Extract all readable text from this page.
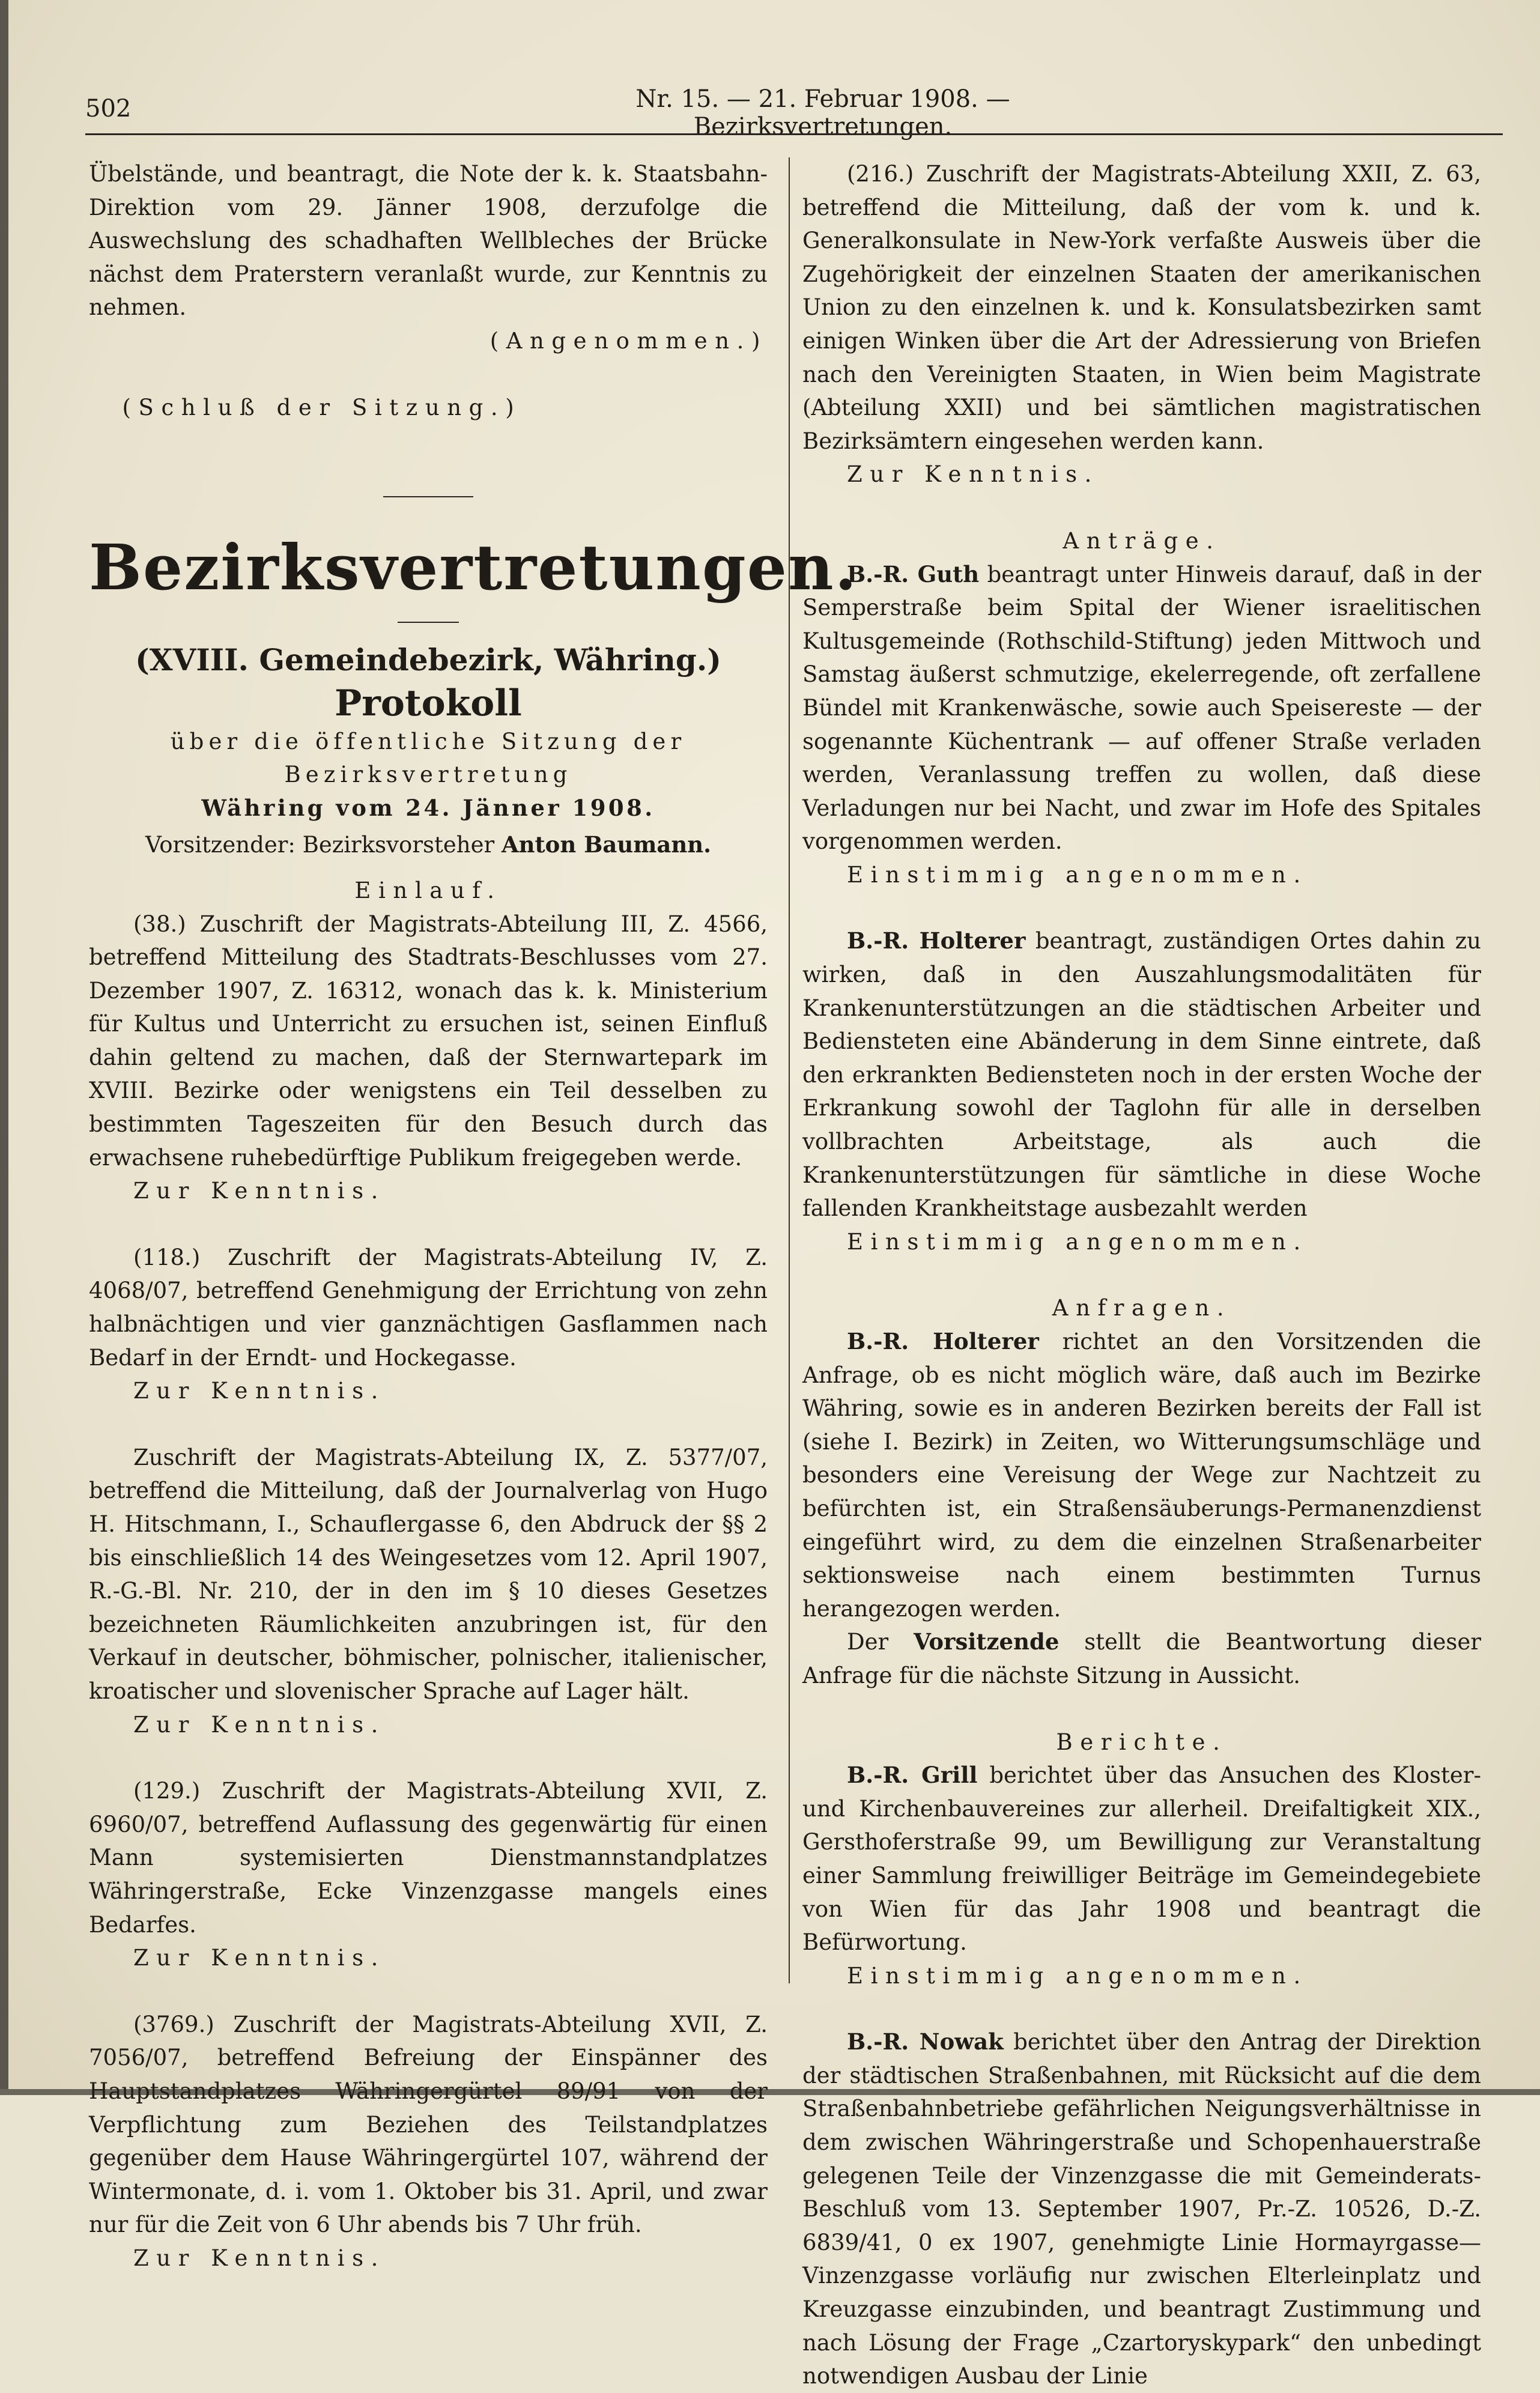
502	Nr. 15. — 21. Februar 1908. — Bezirksvertretungen.

Übelstände, und beantragt, die Note der k. k. Staatsbahn-Direktion vom 29. Jänner 1908, derzufolge die Auswechslung des schadhaften Wellbleches der Brücke nächst dem Praterstern veranlaßt wurde, zur Kenntnis zu nehmen.
(Angenommen.)

(Schluß der Sitzung.)

Bezirksvertretungen.

(XVIII. Gemeindebezirk, Währing.)

Protokoll

über die öffentliche Sitzung der Bezirksvertretung

Währing vom 24. Jänner 1908.

Vorsitzender: Bezirksvorsteher Anton Baumann.

Einlauf.

(38.) Zuschrift der Magistrats-Abteilung III, Z. 4566, betreffend Mitteilung des Stadtrats-Beschlusses vom 27. Dezember 1907, Z. 16312, wonach das k. k. Ministerium für Kultus und Unterricht zu ersuchen ist, seinen Einfluß dahin geltend zu machen, daß der Sternwartepark im XVIII. Bezirke oder wenigstens ein Teil desselben zu bestimmten Tageszeiten für den Besuch durch das erwachsene ruhebedürftige Publikum freigegeben werde.

Zur Kenntnis.

(118.) Zuschrift der Magistrats-Abteilung IV, Z. 4068/07, betreffend Genehmigung der Errichtung von zehn halbnächtigen und vier ganznächtigen Gasflammen nach Bedarf in der Erndt- und Hockegasse.

Zur Kenntnis.

Zuschrift der Magistrats-Abteilung IX, Z. 5377/07, betreffend die Mitteilung, daß der Journalverlag von Hugo H. Hitschmann, I., Schauflergasse 6, den Abdruck der §§ 2 bis einschließlich 14 des Weingesetzes vom 12. April 1907, R.-G.-Bl. Nr. 210, der in den im § 10 dieses Gesetzes bezeichneten Räumlichkeiten anzubringen ist, für den Verkauf in deutscher, böhmischer, polnischer, italienischer, kroatischer und slovenischer Sprache auf Lager hält.

Zur Kenntnis.

(129.) Zuschrift der Magistrats-Abteilung XVII, Z. 6960/07, betreffend Auflassung des gegenwärtig für einen Mann systemisierten Dienstmannstandplatzes Währingerstraße, Ecke Vinzenzgasse mangels eines Bedarfes.

Zur Kenntnis.

(3769.) Zuschrift der Magistrats-Abteilung XVII, Z. 7056/07, betreffend Befreiung der Einspänner des Hauptstandplatzes Währingergürtel 89/91 von der Verpflichtung zum Beziehen des Teilstandplatzes gegenüber dem Hause Währingergürtel 107, während der Wintermonate, d. i. vom 1. Oktober bis 31. April, und zwar nur für die Zeit von 6 Uhr abends bis 7 Uhr früh.

Zur Kenntnis.

(216.) Zuschrift der Magistrats-Abteilung XXII, Z. 63, betreffend die Mitteilung, daß der vom k. und k. Generalkonsulate in New-York verfaßte Ausweis über die Zugehörigkeit der einzelnen Staaten der amerikanischen Union zu den einzelnen k. und k. Konsulatsbezirken samt einigen Winken über die Art der Adressierung von Briefen nach den Vereinigten Staaten, in Wien beim Magistrate (Abteilung XXII) und bei sämtlichen magistratischen Bezirksämtern eingesehen werden kann.

Zur Kenntnis.

Anträge.

B.-R. Guth beantragt unter Hinweis darauf, daß in der Semperstraße beim Spital der Wiener israelitischen Kultusgemeinde (Rothschild-Stiftung) jeden Mittwoch und Samstag äußerst schmutzige, ekelerregende, oft zerfallene Bündel mit Krankenwäsche, sowie auch Speisereste — der sogenannte Küchentrank — auf offener Straße verladen werden, Veranlassung treffen zu wollen, daß diese Verladungen nur bei Nacht, und zwar im Hofe des Spitales vorgenommen werden.

Einstimmig angenommen.

B.-R. Holterer beantragt, zuständigen Ortes dahin zu wirken, daß in den Auszahlungsmodalitäten für Krankenunterstützungen an die städtischen Arbeiter und Bediensteten eine Abänderung in dem Sinne eintrete, daß den erkrankten Bediensteten noch in der ersten Woche der Erkrankung sowohl der Taglohn für alle in derselben vollbrachten Arbeitstage, als auch die Krankenunterstützungen für sämtliche in diese Woche fallenden Krankheitstage ausbezahlt werden

Einstimmig angenommen.

Anfragen.

B.-R. Holterer richtet an den Vorsitzenden die Anfrage, ob es nicht möglich wäre, daß auch im Bezirke Währing, sowie es in anderen Bezirken bereits der Fall ist (siehe I. Bezirk) in Zeiten, wo Witterungsumschläge und besonders eine Vereisung der Wege zur Nachtzeit zu befürchten ist, ein Straßensäuberungs-Permanenzdienst eingeführt wird, zu dem die einzelnen Straßenarbeiter sektionsweise nach einem bestimmten Turnus herangezogen werden.

Der Vorsitzende stellt die Beantwortung dieser Anfrage für die nächste Sitzung in Aussicht.

Berichte.

B.-R. Grill berichtet über das Ansuchen des Kloster- und Kirchenbauvereines zur allerheil. Dreifaltigkeit XIX., Gersthoferstraße 99, um Bewilligung zur Veranstaltung einer Sammlung freiwilliger Beiträge im Gemeindegebiete von Wien für das Jahr 1908 und beantragt die Befürwortung.

Einstimmig angenommen.

B.-R. Nowak berichtet über den Antrag der Direktion der städtischen Straßenbahnen, mit Rücksicht auf die dem Straßenbahnbetriebe gefährlichen Neigungsverhältnisse in dem zwischen Währingerstraße und Schopenhauerstraße gelegenen Teile der Vinzenzgasse die mit Gemeinderats-Beschluß vom 13. September 1907, Pr.-Z. 10526, D.-Z. 6839/41, 0 ex 1907, genehmigte Linie Hormayrgasse—Vinzenzgasse vorläufig nur zwischen Elterleinplatz und Kreuzgasse einzubinden, und beantragt Zustimmung und nach Lösung der Frage „Czartoryskypark“ den unbedingt notwendigen Ausbau der Linie
